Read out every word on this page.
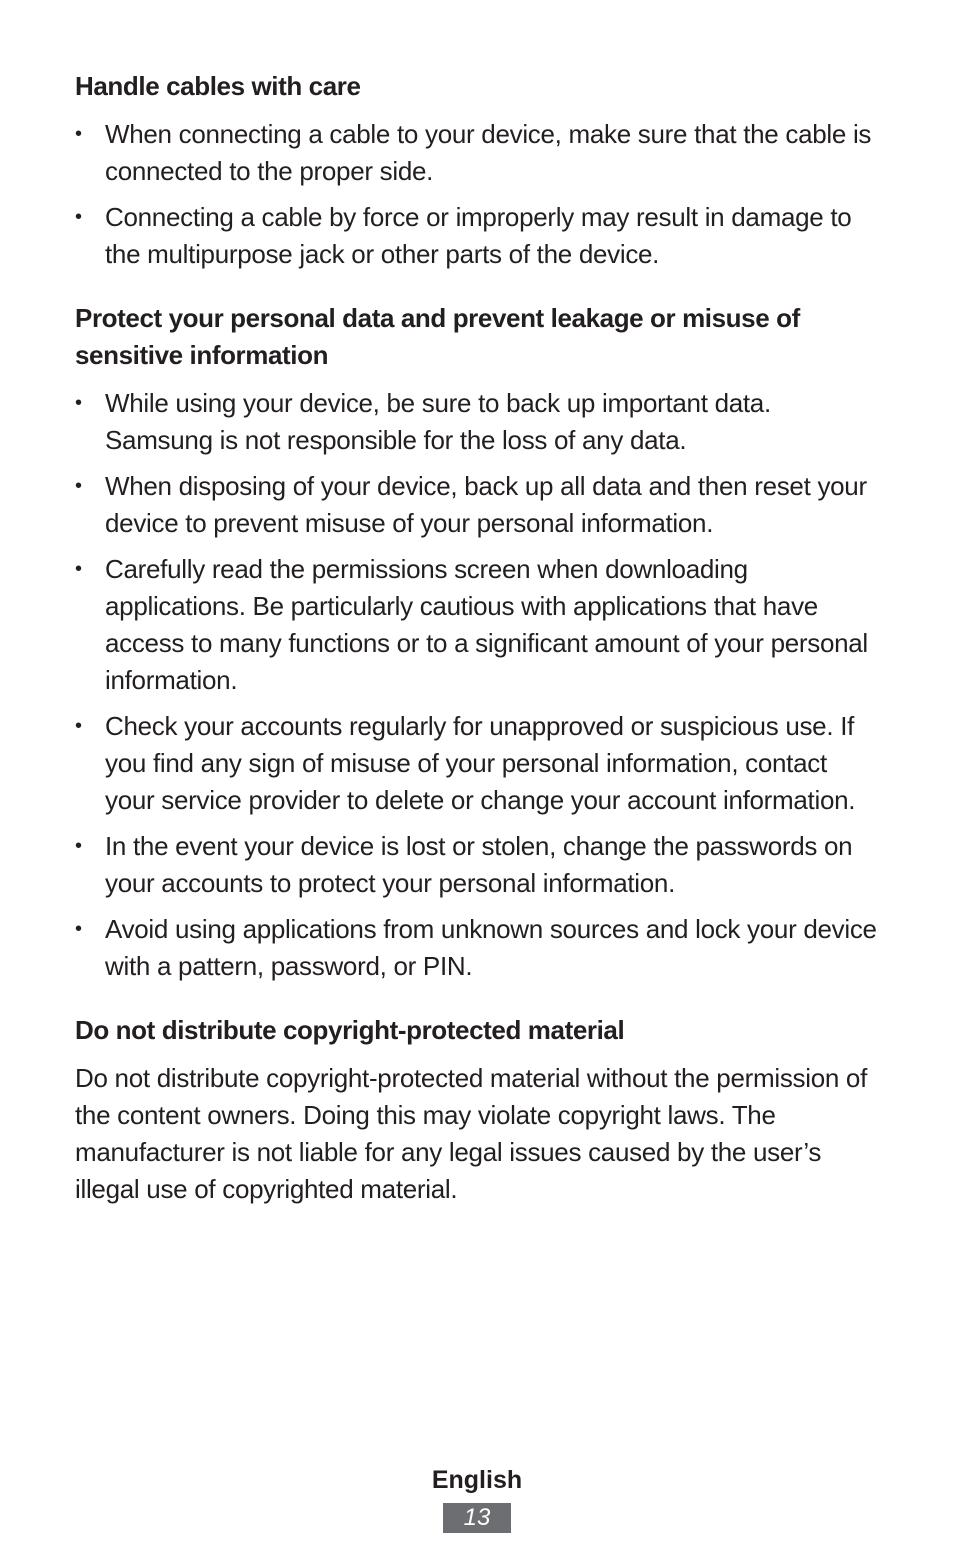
Handle cables with care
• When connecting a cable to your device, make sure that the cable is connected to the proper side.
• Connecting a cable by force or improperly may result in damage to the multipurpose jack or other parts of the device.
Protect your personal data and prevent leakage or misuse of sensitive information
• While using your device, be sure to back up important data. Samsung is not responsible for the loss of any data.
• When disposing of your device, back up all data and then reset your device to prevent misuse of your personal information.
• Carefully read the permissions screen when downloading applications. Be particularly cautious with applications that have access to many functions or to a significant amount of your personal information.
• Check your accounts regularly for unapproved or suspicious use. If you find any sign of misuse of your personal information, contact your service provider to delete or change your account information.
• In the event your device is lost or stolen, change the passwords on your accounts to protect your personal information.
• Avoid using applications from unknown sources and lock your device with a pattern, password, or PIN.
Do not distribute copyright-protected material

Do not distribute copyright-protected material without the permission of the content owners. Doing this may violate copyright laws. The manufacturer is not liable for any legal issues caused by the user’s illegal use of copyrighted material.

English
13
